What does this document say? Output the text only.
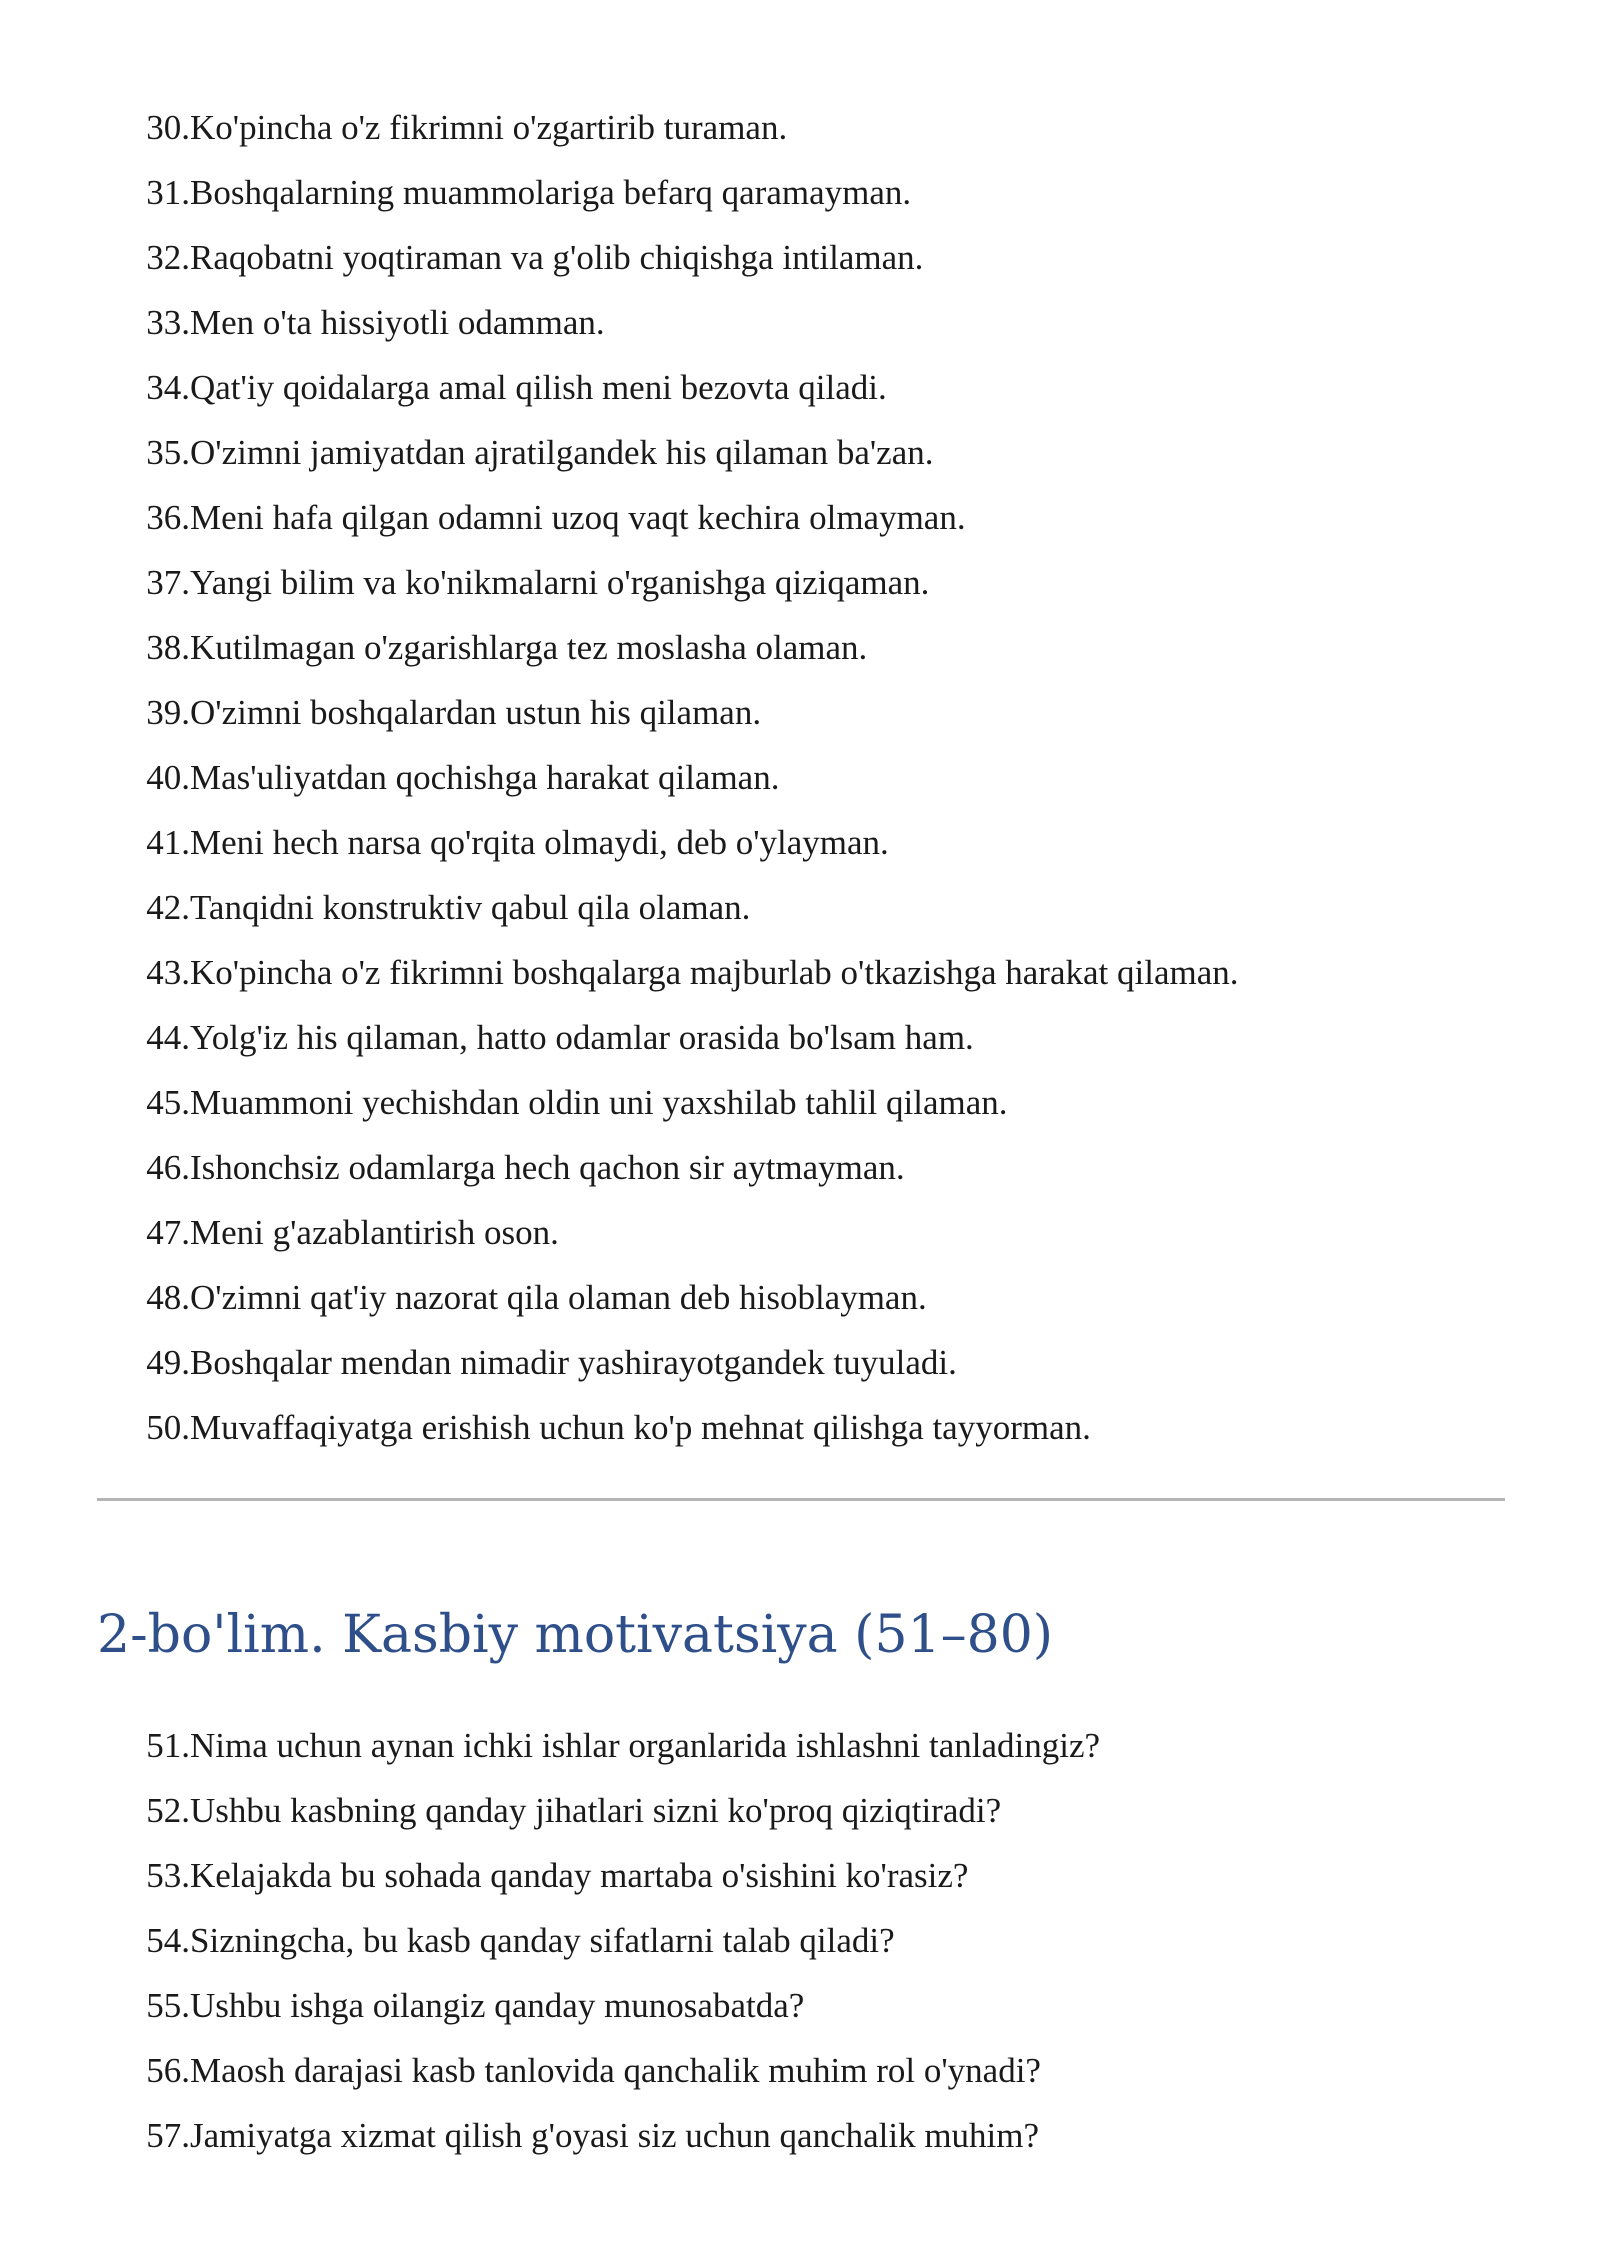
30. Ko'pincha o'z fikrimni o'zgartirib turaman.
31. Boshqalarning muammolariga befarq qaramayman.
32. Raqobatni yoqtiraman va g'olib chiqishga intilaman.
33. Men o'ta hissiyotli odamman.
34. Qat'iy qoidalarga amal qilish meni bezovta qiladi.
35. O'zimni jamiyatdan ajratilgandek his qilaman ba'zan.
36. Meni hafa qilgan odamni uzoq vaqt kechira olmayman.
37. Yangi bilim va ko'nikmalarni o'rganishga qiziqaman.
38. Kutilmagan o'zgarishlarga tez moslasha olaman.
39. O'zimni boshqalardan ustun his qilaman.
40. Mas'uliyatdan qochishga harakat qilaman.
41. Meni hech narsa qo'rqita olmaydi, deb o'ylayman.
42. Tanqidni konstruktiv qabul qila olaman.
43. Ko'pincha o'z fikrimni boshqalarga majburlab o'tkazishga harakat qilaman.
44. Yolg'iz his qilaman, hatto odamlar orasida bo'lsam ham.
45. Muammoni yechishdan oldin uni yaxshilab tahlil qilaman.
46. Ishonchsiz odamlarga hech qachon sir aytmayman.
47. Meni g'azablantirish oson.
48. O'zimni qat'iy nazorat qila olaman deb hisoblayman.
49. Boshqalar mendan nimadir yashirayotgandek tuyuladi.
50. Muvaffaqiyatga erishish uchun ko'p mehnat qilishga tayyorman.
2-bo'lim. Kasbiy motivatsiya (51–80)
51. Nima uchun aynan ichki ishlar organlarida ishlashni tanladingiz?
52. Ushbu kasbning qanday jihatlari sizni ko'proq qiziqtiradi?
53. Kelajakda bu sohada qanday martaba o'sishini ko'rasiz?
54. Sizningcha, bu kasb qanday sifatlarni talab qiladi?
55. Ushbu ishga oilangiz qanday munosabatda?
56. Maosh darajasi kasb tanlovida qanchalik muhim rol o'ynadi?
57. Jamiyatga xizmat qilish g'oyasi siz uchun qanchalik muhim?
